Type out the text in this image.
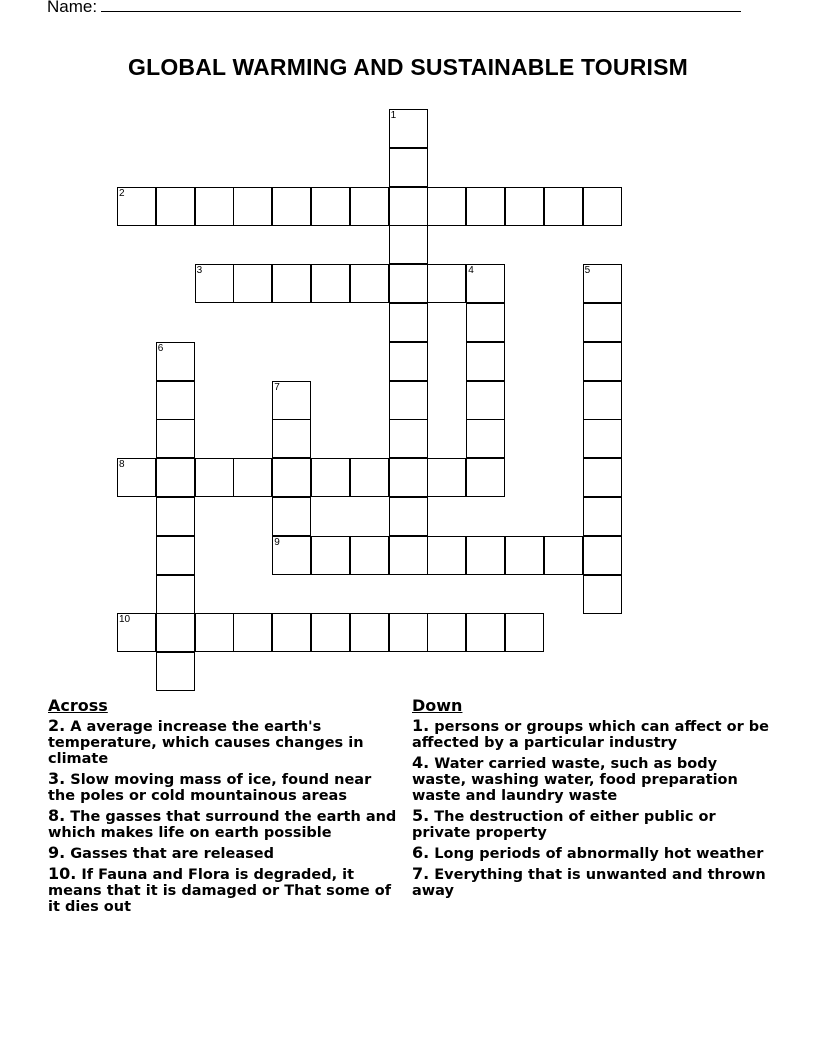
Name:
GLOBAL WARMING AND SUSTAINABLE TOURISM
1
2
3	4	5
6
7
9
8
10
Across
2. A average increase the earth's temperature, which causes changes in climate
3. Slow moving mass of ice, found near the poles or cold mountainous areas
8. The gasses that surround the earth and which makes life on earth possible
9. Gasses that are released
10. If Fauna and Flora is degraded, it means that it is damaged or That some of it dies out
Down
1. persons or groups which can affect or be affected by a particular industry
4. Water carried waste, such as body waste, washing water, food preparation waste and laundry waste
5. The destruction of either public or private property
6. Long periods of abnormally hot weather
7. Everything that is unwanted and thrown away
